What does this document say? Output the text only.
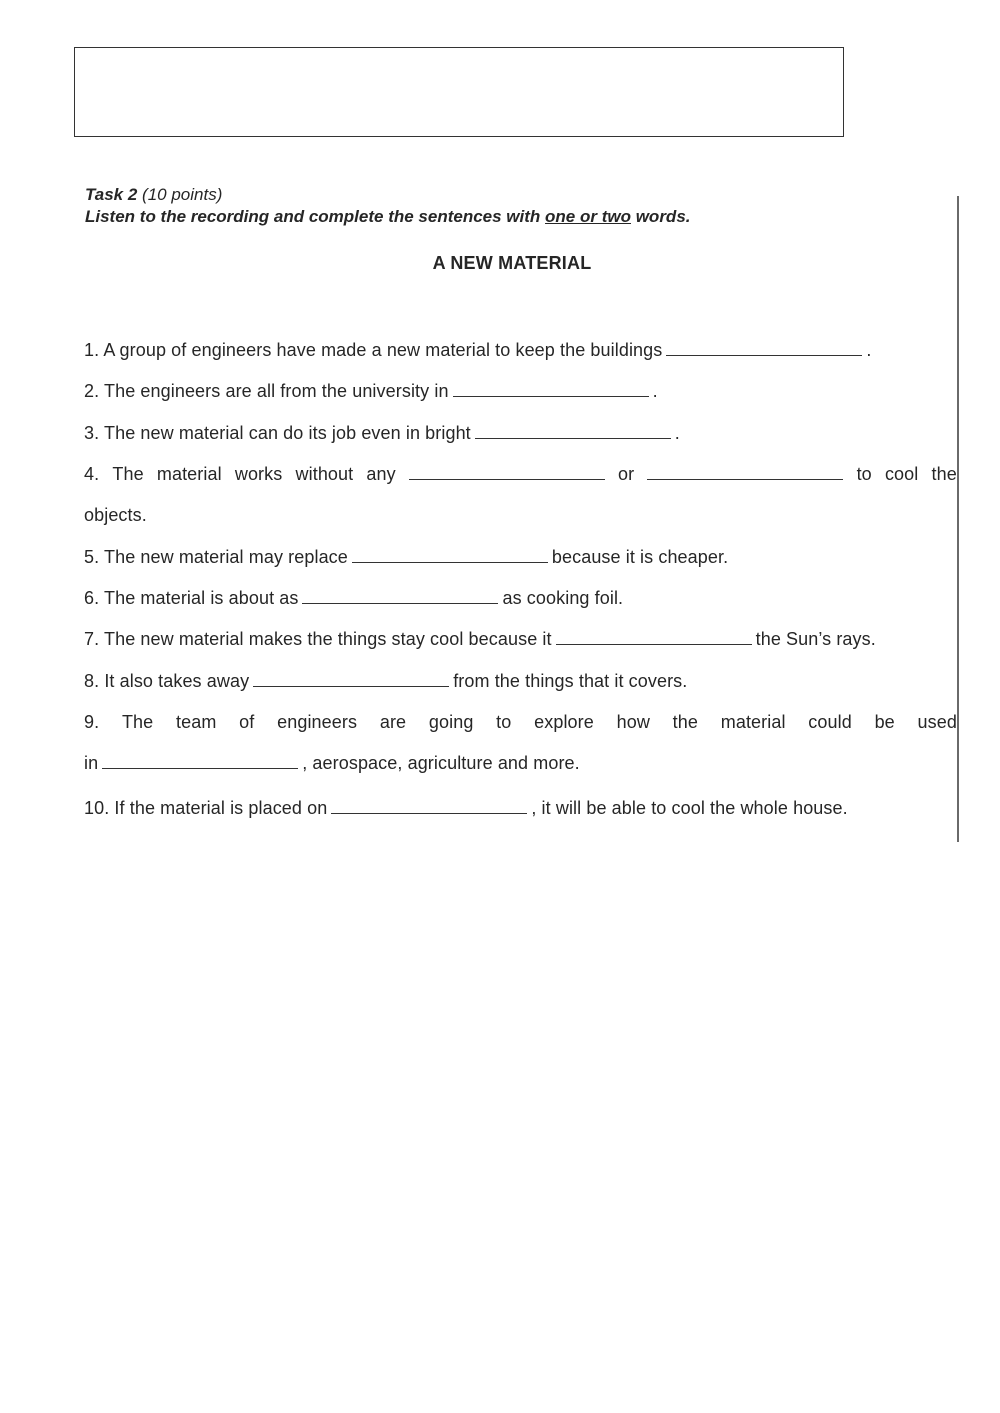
Task 2 (10 points)
Listen to the recording and complete the sentences with one or two words.
A NEW MATERIAL
1. A group of engineers have made a new material to keep the buildings	.
2. The engineers are all from the university in	.
3. The new material can do its job even in bright	.
4. The material works without any	or	to cool the
objects.
5. The new material may replace	because it is cheaper.
6. The material is about as	as cooking foil.
7. The new material makes the things stay cool because it	the Sun’s rays.
8. It also takes away	from the things that it covers.
9. The team of engineers are going to explore how the material could be used
in	, aerospace, agriculture and more.
10. If the material is placed on	, it will be able to cool the whole house.
